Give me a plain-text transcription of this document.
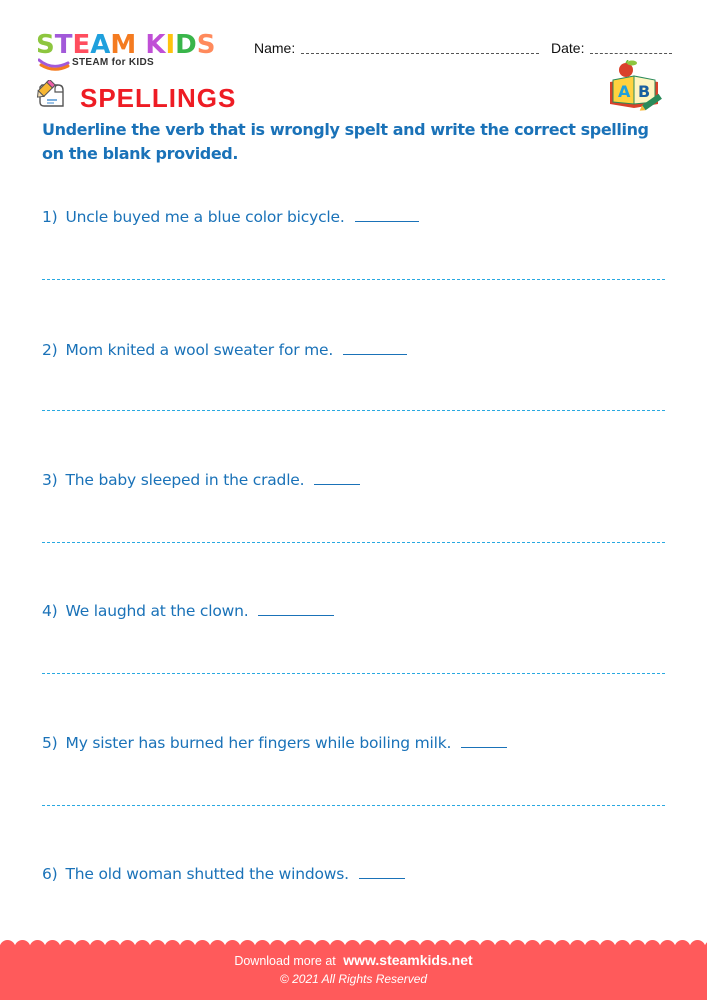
STEAM KIDS
STEAM for KIDS
Name:	Date:
SPELLINGS	A B
Underline the verb that is wrongly spelt and write the correct spelling on the blank provided.
1) Uncle buyed me a blue color bicycle.
2) Mom knited a wool sweater for me.
3) The baby sleeped in the cradle.
4) We laughd at the clown.
5) My sister has burned her fingers while boiling milk.
6) The old woman shutted the windows.
Download more at www.steamkids.net
© 2021 All Rights Reserved
